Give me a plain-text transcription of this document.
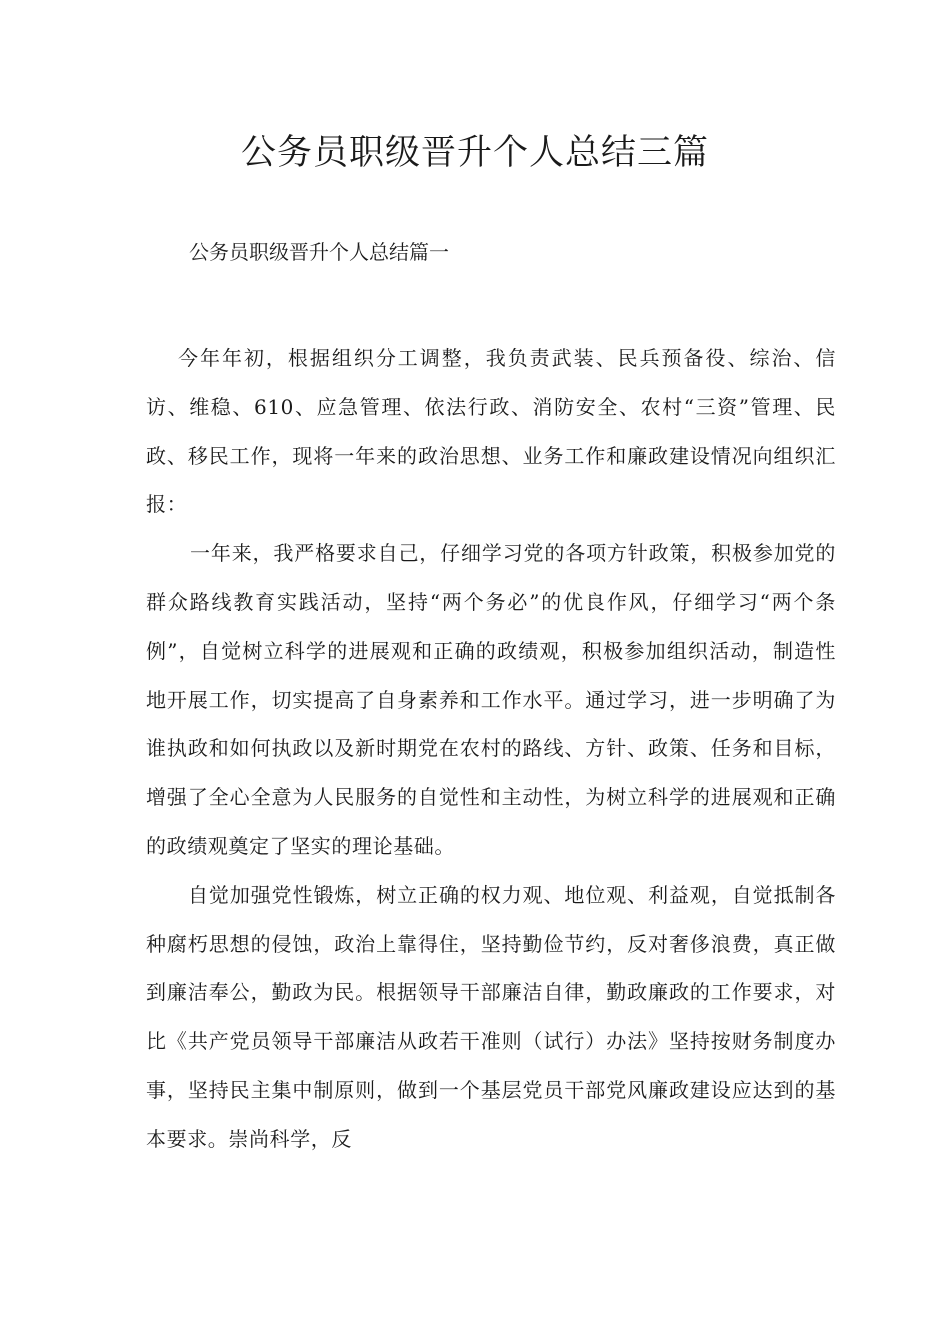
公务员职级晋升个人总结三篇
公务员职级晋升个人总结篇一

今年年初，根据组织分工调整，我负责武装、民兵预备役、综治、信访、维稳、610、应急管理、依法行政、消防安全、农村“三资”管理、民政、移民工作，现将一年来的政治思想、业务工作和廉政建设情况向组织汇报：

一年来，我严格要求自己，仔细学习党的各项方针政策，积极参加党的群众路线教育实践活动，坚持“两个务必”的优良作风，仔细学习“两个条例”，自觉树立科学的进展观和正确的政绩观，积极参加组织活动，制造性地开展工作，切实提高了自身素养和工作水平。通过学习，进一步明确了为谁执政和如何执政以及新时期党在农村的路线、方针、政策、任务和目标，增强了全心全意为人民服务的自觉性和主动性，为树立科学的进展观和正确的政绩观奠定了坚实的理论基础。

自觉加强党性锻炼，树立正确的权力观、地位观、利益观，自觉抵制各种腐朽思想的侵蚀，政治上靠得住，坚持勤俭节约，反对奢侈浪费，真正做到廉洁奉公，勤政为民。根据领导干部廉洁自律，勤政廉政的工作要求，对比《共产党员领导干部廉洁从政若干准则（试行）办法》坚持按财务制度办事，坚持民主集中制原则，做到一个基层党员干部党风廉政建设应达到的基本要求。崇尚科学，反
